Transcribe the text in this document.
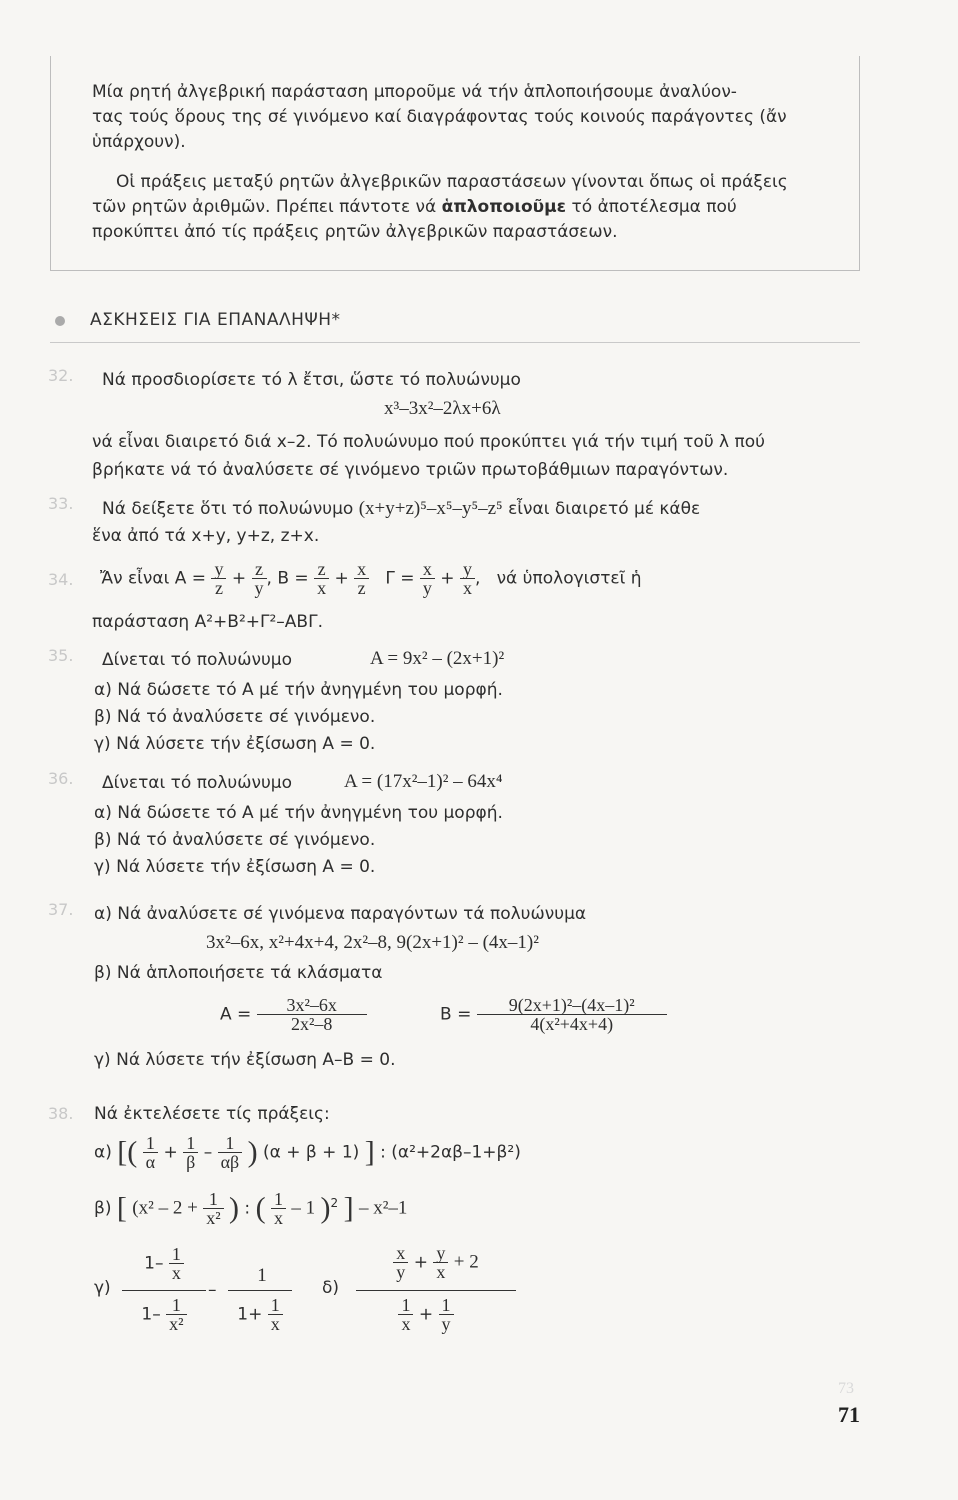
Μία ρητή ἀλγεβρική παράσταση μποροῦμε νά τήν ἁπλοποιήσουμε ἀναλύον-
τας τούς ὅρους της σέ γινόμενο καί διαγράφοντας τούς κοινούς παράγοντες (ἄν
ὑπάρχουν).
Οἱ πράξεις μεταξύ ρητῶν ἀλγεβρικῶν παραστάσεων γίνονται ὅπως οἱ πράξεις
τῶν ρητῶν ἀριθμῶν. Πρέπει πάντοτε νά ἁπλοποιοῦμε τό ἀποτέλεσμα πού
προκύπτει ἀπό τίς πράξεις ρητῶν ἀλγεβρικῶν παραστάσεων.
ΑΣΚΗΣΕΙΣ ΓΙΑ ΕΠΑΝΑΛΗΨΗ*
32. Νά προσδιορίσετε τό λ ἔτσι, ὥστε τό πολυώνυμο
x³–3x²–2λx+6λ
νά εἶναι διαιρετό διά x–2. Τό πολυώνυμο πού προκύπτει γιά τήν τιμή τοῦ λ πού
βρήκατε νά τό ἀναλύσετε σέ γινόμενο τριῶν πρωτοβάθμιων παραγόντων.
33. Νά δείξετε ὅτι τό πολυώνυμο (x+y+z)⁵–x⁵–y⁵–z⁵ εἶναι διαιρετό μέ κάθε
ἕνα ἀπό τά x+y, y+z, z+x.
34. Ἄν εἶναι $A = \frac{y}{z} + \frac{z}{y}$ , $B = \frac{z}{x} + \frac{x}{z}$ $\Gamma = \frac{x}{y} + \frac{y}{x}$ , νά ὑπολογιστεῖ ἡ
παράσταση Α²+Β²+Γ²–ΑΒΓ.
35. Δίνεται τό πολυώνυμο	Α = 9x² – (2x+1)²
α) Νά δώσετε τό Α μέ τήν ἀνηγμένη του μορφή.
β) Νά τό ἀναλύσετε σέ γινόμενο.
γ) Νά λύσετε τήν ἐξίσωση Α = 0.
36. Δίνεται τό πολυώνυμο	Α = (17x²–1)² – 64x⁴
α) Νά δώσετε τό Α μέ τήν ἀνηγμένη του μορφή.
β) Νά τό ἀναλύσετε σέ γινόμενο.
γ) Νά λύσετε τήν ἐξίσωση Α = 0.
37. α) Νά ἀναλύσετε σέ γινόμενα παραγόντων τά πολυώνυμα
3x²–6x, x²+4x+4, 2x²–8, 9(2x+1)² – (4x–1)²
β) Νά ἁπλοποιήσετε τά κλάσματα
$A = \frac{\text{3x²–6x}}{\text{2x²–8}}$	$B = \frac{\text{9(2x+1)²–(4x–1)²}}{\text{4(x²+4x+4)}}$
γ) Νά λύσετε τήν ἐξίσωση Α–Β = 0.
38. Νά ἐκτελέσετε τίς πράξεις:
α) [( $\frac{1}{\alpha} + \frac{1}{\beta} - \frac{1}{\alpha\beta}$ ) (α + β + 1) ] : (α²+2αβ–1+β²)
β) [ ($x^2 - 2 + \frac{1}{\text{x²}}$ ) : ( $\frac{1}{x} - 1$ )$^2$ ] – x²–1
γ)
$1- \frac{1}{x}$
$1- \frac{1}{\text{x²}}$
–
1
$1+ \frac{1}{x}$
δ)
$\frac{x}{y} + \frac{y}{x} + 2$
$\frac{1}{x} + \frac{1}{y}$
73
71
